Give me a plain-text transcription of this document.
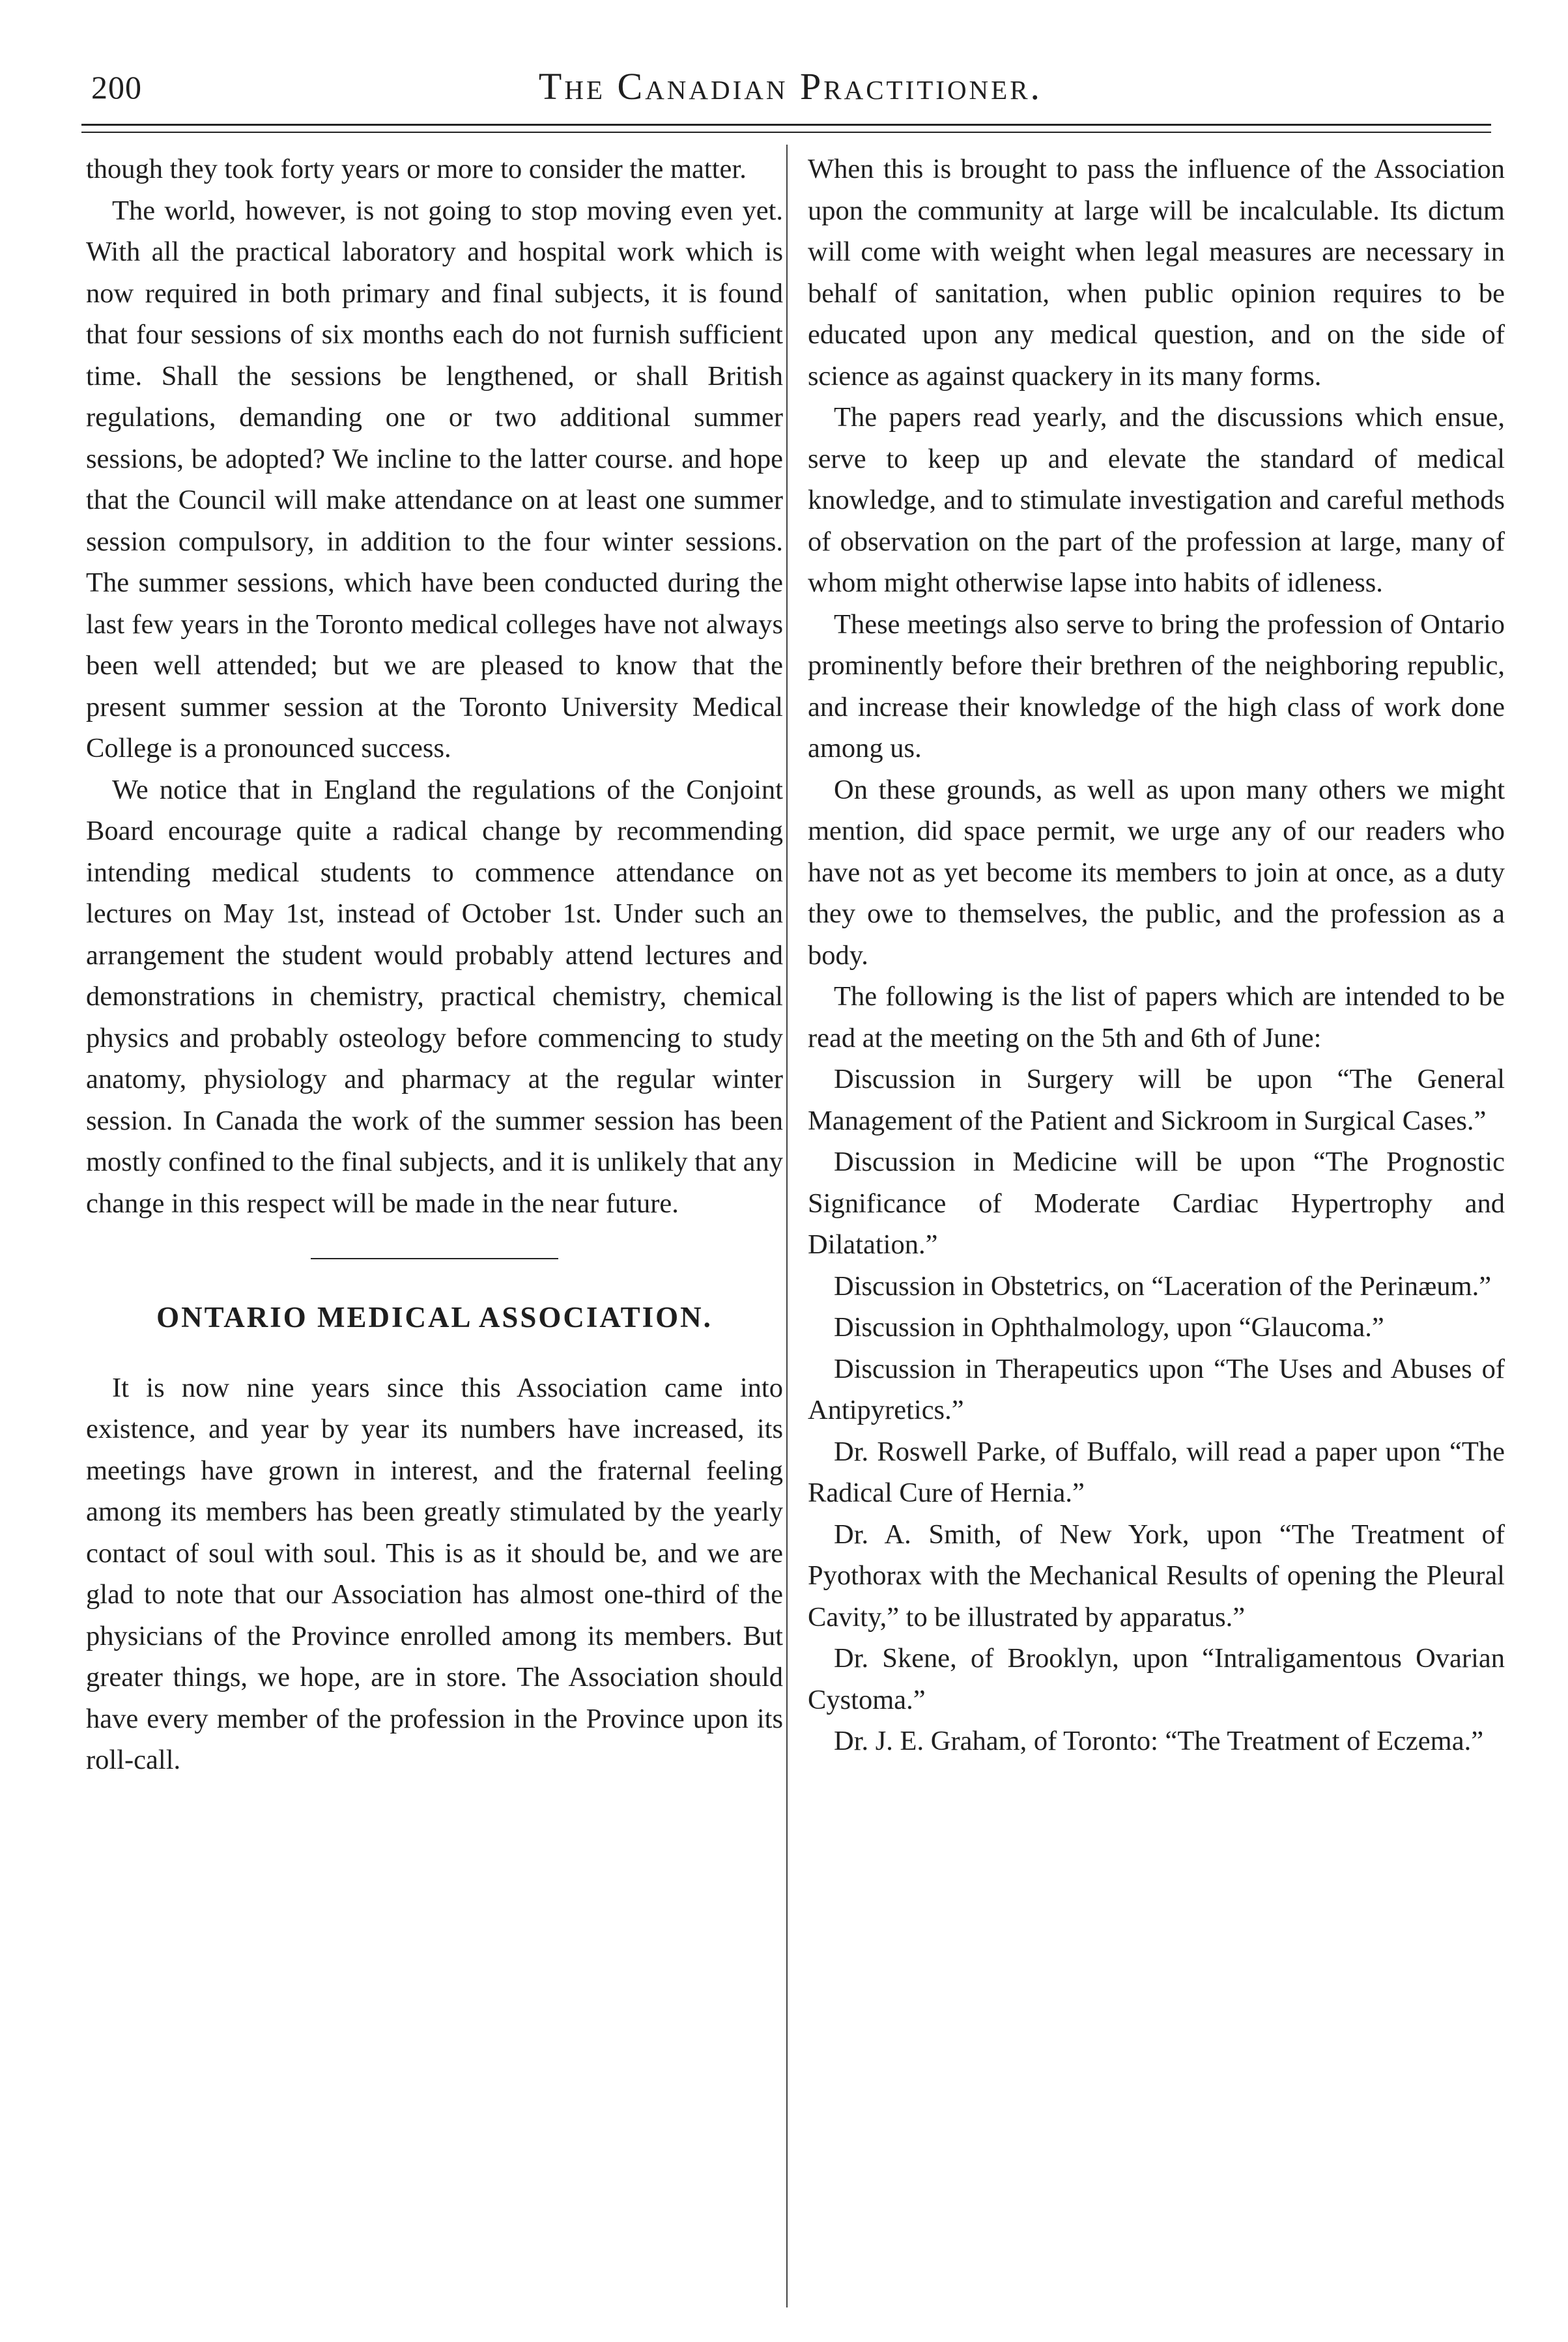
200	The Canadian Practitioner.

though they took forty years or more to consider the matter.

The world, however, is not going to stop moving even yet. With all the practical laboratory and hospital work which is now required in both primary and final subjects, it is found that four sessions of six months each do not furnish sufficient time. Shall the sessions be lengthened, or shall British regulations, demanding one or two additional summer sessions, be adopted? We incline to the latter course. and hope that the Council will make attendance on at least one summer session compulsory, in addition to the four winter sessions. The summer sessions, which have been conducted during the last few years in the Toronto medical colleges have not always been well attended; but we are pleased to know that the present summer session at the Toronto University Medical College is a pronounced success.

We notice that in England the regulations of the Conjoint Board encourage quite a radical change by recommending intending medical students to commence attendance on lectures on May 1st, instead of October 1st. Under such an arrangement the student would probably attend lectures and demonstrations in chemistry, practical chemistry, chemical physics and probably osteology before commencing to study anatomy, physiology and pharmacy at the regular winter session. In Canada the work of the summer session has been mostly confined to the final subjects, and it is unlikely that any change in this respect will be made in the near future.

ONTARIO MEDICAL ASSOCIATION.

It is now nine years since this Association came into existence, and year by year its numbers have increased, its meetings have grown in interest, and the fraternal feeling among its members has been greatly stimulated by the yearly contact of soul with soul. This is as it should be, and we are glad to note that our Association has almost one-third of the physicians of the Province enrolled among its members. But greater things, we hope, are in store. The Association should have every member of the profession in the Province upon its roll-call.

When this is brought to pass the influence of the Association upon the community at large will be incalculable. Its dictum will come with weight when legal measures are necessary in behalf of sanitation, when public opinion requires to be educated upon any medical question, and on the side of science as against quackery in its many forms.

The papers read yearly, and the discussions which ensue, serve to keep up and elevate the standard of medical knowledge, and to stimulate investigation and careful methods of observation on the part of the profession at large, many of whom might otherwise lapse into habits of idleness.

These meetings also serve to bring the profession of Ontario prominently before their brethren of the neighboring republic, and increase their knowledge of the high class of work done among us.

On these grounds, as well as upon many others we might mention, did space permit, we urge any of our readers who have not as yet become its members to join at once, as a duty they owe to themselves, the public, and the profession as a body.

The following is the list of papers which are intended to be read at the meeting on the 5th and 6th of June:

Discussion in Surgery will be upon “The General Management of the Patient and Sickroom in Surgical Cases.”

Discussion in Medicine will be upon “The Prognostic Significance of Moderate Cardiac Hypertrophy and Dilatation.”

Discussion in Obstetrics, on “Laceration of the Perinæum.”

Discussion in Ophthalmology, upon “Glaucoma.”

Discussion in Therapeutics upon “The Uses and Abuses of Antipyretics.”

Dr. Roswell Parke, of Buffalo, will read a paper upon “The Radical Cure of Hernia.”

Dr. A. Smith, of New York, upon “The Treatment of Pyothorax with the Mechanical Results of opening the Pleural Cavity,” to be illustrated by apparatus.”

Dr. Skene, of Brooklyn, upon “Intraligamentous Ovarian Cystoma.”

Dr. J. E. Graham, of Toronto: “The Treatment of Eczema.”
